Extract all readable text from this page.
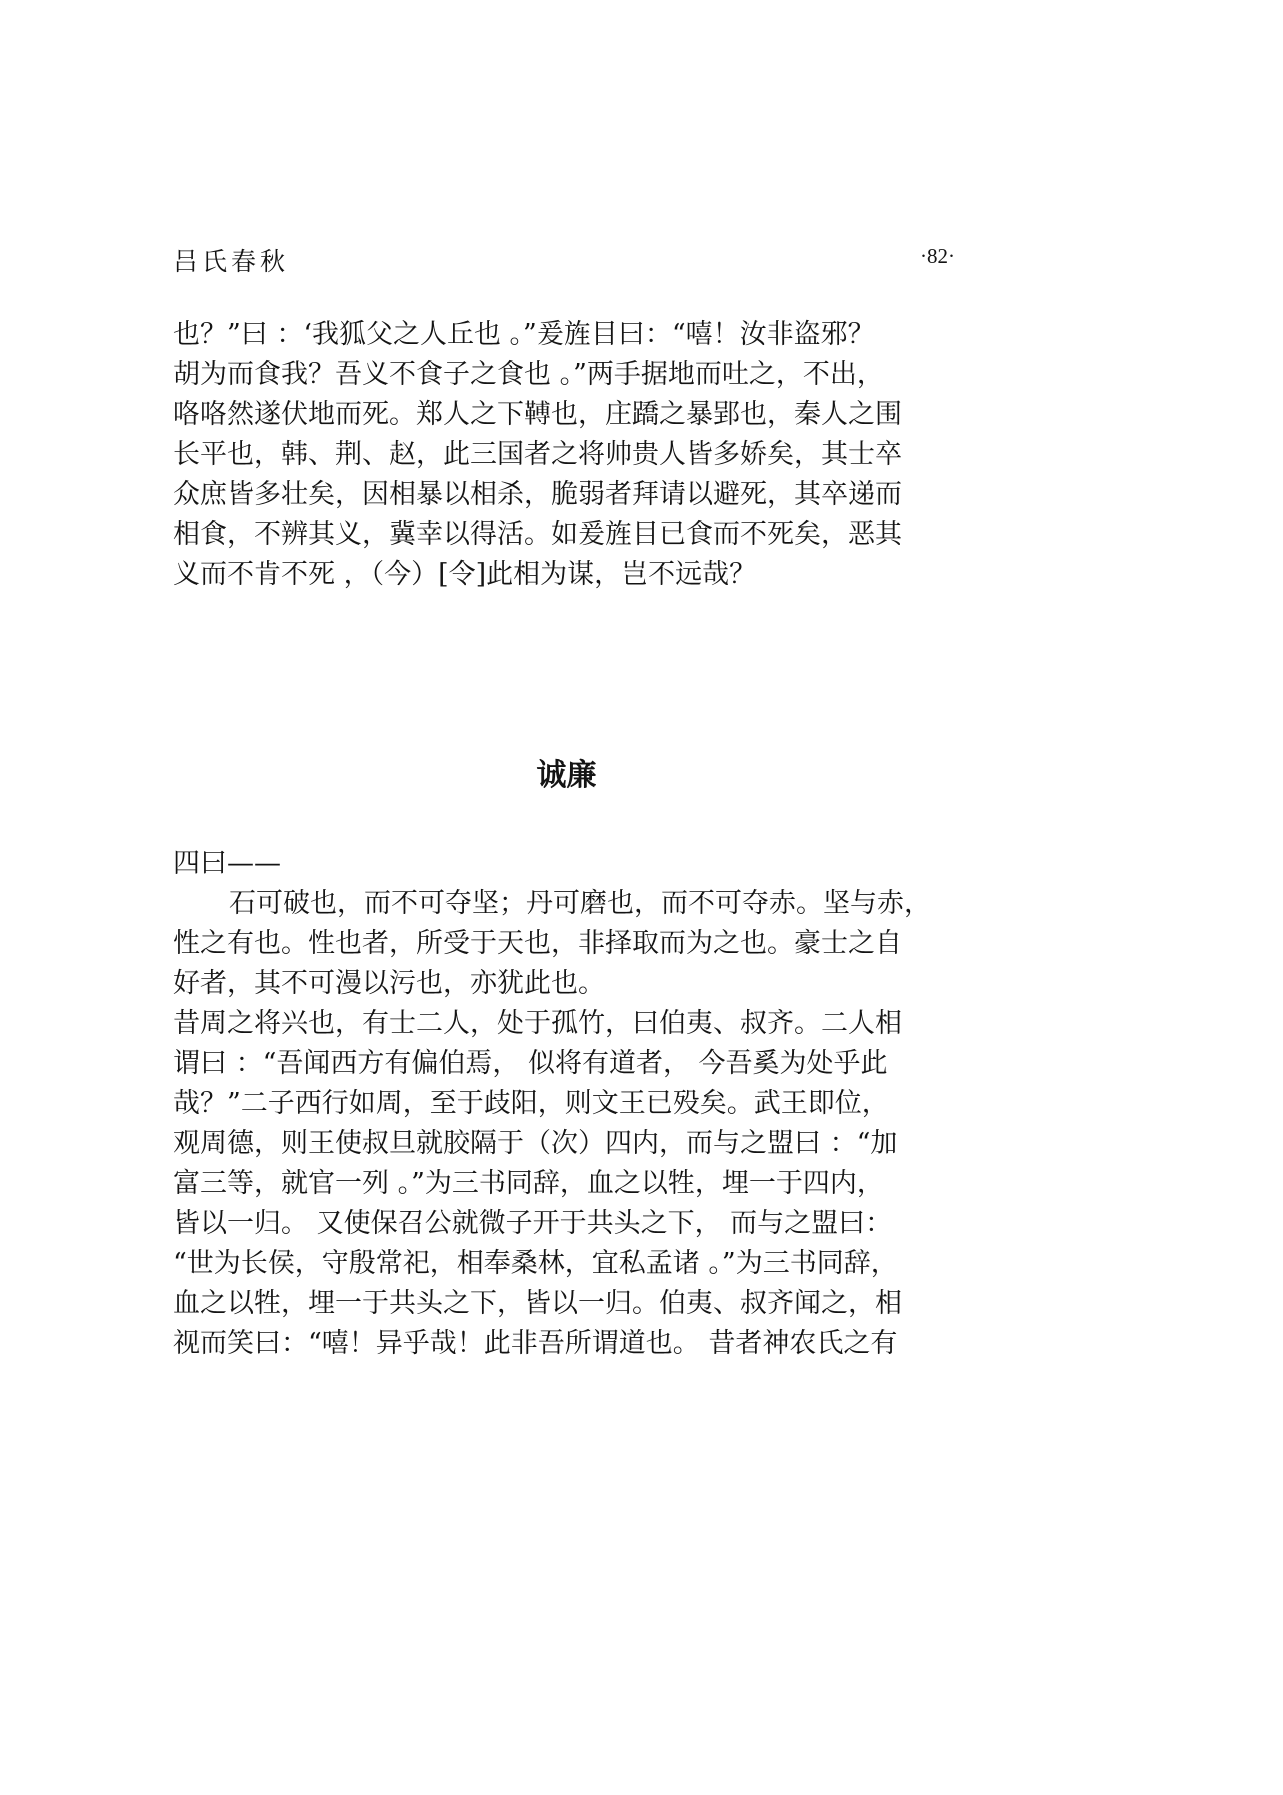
吕氏春秋	·82·
也？”曰 ：‘我狐父之人丘也 。”爰旌目曰：“嘻！汝非盗邪？
胡为而食我？吾义不食子之食也 。”两手据地而吐之，不出，
咯咯然遂伏地而死。郑人之下𩌏也，庄蹻之暴郢也，秦人之围
长平也，韩、荆、赵，此三国者之将帅贵人皆多娇矣，其士卒
众庶皆多壮矣，因相暴以相杀，脆弱者拜请以避死，其卒递而
相食，不辨其义，冀幸以得活。如爰旌目已食而不死矣，恶其
义而不肯不死 ，（今）[令]此相为谋，岂不远哉？
诚廉
四曰——
石可破也，而不可夺坚；丹可磨也，而不可夺赤。坚与赤，
性之有也。性也者，所受于天也，非择取而为之也。豪士之自
好者，其不可漫以污也，亦犹此也。
昔周之将兴也，有士二人，处于孤竹，曰伯夷、叔齐。二人相
谓曰 ：“吾闻西方有偏伯焉， 似将有道者， 今吾奚为处乎此
哉？”二子西行如周，至于歧阳，则文王已殁矣。武王即位，
观周德，则王使叔旦就胶隔于（次）四内，而与之盟曰 ：“加
富三等，就官一列 。”为三书同辞，血之以牲，埋一于四内，
皆以一归。 又使保召公就微子开于共头之下， 而与之盟曰：
“世为长侯，守殷常祀，相奉桑林，宜私孟诸 。”为三书同辞，
血之以牲，埋一于共头之下，皆以一归。伯夷、叔齐闻之，相
视而笑曰：“嘻！异乎哉！此非吾所谓道也。 昔者神农氏之有
